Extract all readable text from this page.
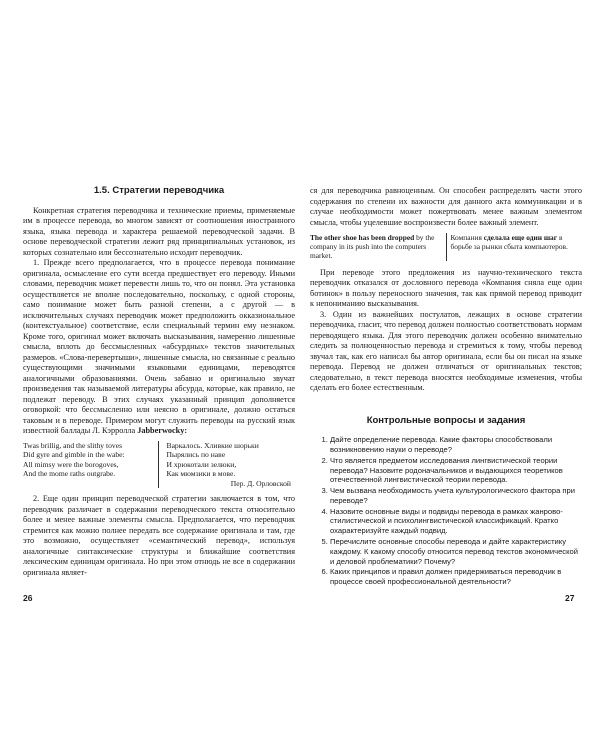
1.5. Стратегии переводчика

Конкретная стратегия переводчика и технические приемы, применяемые им в процессе перевода, во многом зависят от соотношения иностранного языка, языка перевода и характера решаемой переводческой задачи. В основе переводческой стратегии лежит ряд принципиальных установок, из которых сознательно или бессознательно исходит переводчик.

1. Прежде всего предполагается, что в процессе перевода понимание оригинала, осмысление его сути всегда предшествует его переводу. Иными словами, переводчик может перевести лишь то, что он понял. Эта установка осуществляется не вполне последовательно, поскольку, с одной стороны, само понимание может быть разной степени, а с другой — в исключительных случаях переводчик может предположить окказиональное (контекстуальное) соответствие, если специальный термин ему незнаком. Кроме того, оригинал может включать высказывания, намеренно лишенные смысла, вплоть до бессмысленных «абсурдных» текстов значительных размеров. «Слова-перевертыши», лишенные смысла, но связанные с реально существующими значимыми языковыми единицами, переводятся аналогичными образованиями. Очень забавно и оригинально звучат произведения так называемой литературы абсурда, которые, как правило, не подлежат переводу. В этих случаях указанный принцип дополняется оговоркой: что бессмысленно или неясно в оригинале, должно остаться таковым и в переводе. Примером могут служить переводы на русский язык известной баллады Л. Кэрролла Jabberwocky:

Twas brillig, and the slithy toves
Did gyre and gimble in the wabe:
All mimsy were the borogoves,
And the mome raths outgrabe.
Варкалось. Хливкие шорьки
Пырялись по наве
И хрюкотали зелюки,
Как мюмзики в мове.
Пер. Д. Орловской

2. Еще один принцип переводческой стратегии заключается в том, что переводчик различает в содержании переводческого текста относительно более и менее важные элементы смысла. Предполагается, что переводчик стремится как можно полнее передать все содержание оригинала и там, где это возможно, осуществляет «семантический перевод», используя аналогичные синтаксические структуры и ближайшие соответствия лексическим единицам оригинала. Но при этом отнюдь не все в содержании оригинала являет-

26

ся для переводчика равноценным. Он способен распределять части этого содержания по степени их важности для данного акта коммуникации и в случае необходимости может пожертвовать менее важным элементом смысла, чтобы уцелевшие воспроизвести более важный элемент.

The other shoe has been dropped by the company in its push into the computers market.
Компания сделала еще один шаг в борьбе за рынки сбыта компьютеров.

При переводе этого предложения из научно-технического текста переводчик отказался от дословного перевода «Компания сняла еще один ботинок» в пользу переносного значения, так как прямой перевод приводит к непониманию высказывания.

3. Один из важнейших постулатов, лежащих в основе стратегии переводчика, гласит, что перевод должен полностью соответствовать нормам переводящего языка. Для этого переводчик должен особенно внимательно следить за полноценностью перевода и стремиться к тому, чтобы перевод звучал так, как его написал бы автор оригинала, если бы он писал на языке перевода. Перевод не должен отличаться от оригинальных текстов; следовательно, в текст перевода вносятся необходимые изменения, чтобы сделать его более естественным.

Контрольные вопросы и задания
1. Дайте определение перевода. Какие факторы способствовали возникновению науки о переводе?
2. Что является предметом исследования лингвистической теории перевода? Назовите родоначальников и выдающихся теоретиков отечественной лингвистической теории перевода.
3. Чем вызвана необходимость учета культурологического фактора при переводе?
4. Назовите основные виды и подвиды перевода в рамках жанрово-стилистической и психолингвистической классификаций. Кратко охарактеризуйте каждый подвид.
5. Перечислите основные способы перевода и дайте характеристику каждому. К какому способу относится перевод текстов экономической и деловой проблематики? Почему?
6. Каких принципов и правил должен придерживаться переводчик в процессе своей профессиональной деятельности?
27
